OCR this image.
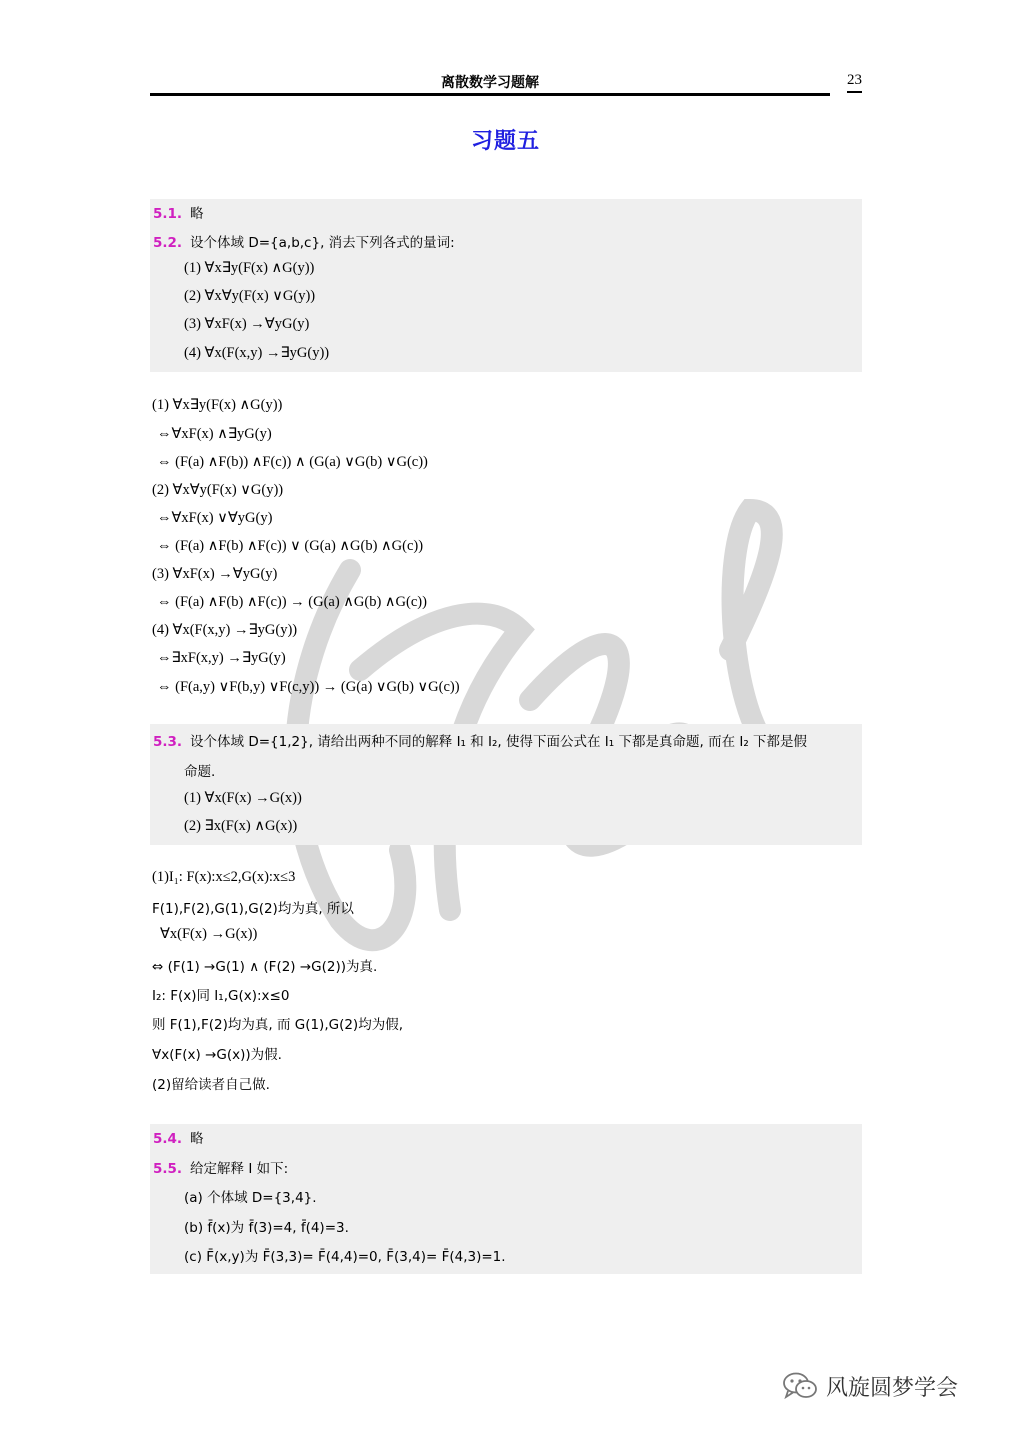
离散数学习题解	23
习题五
5.1. 略
5.2. 设个体域 D={a,b,c}, 消去下列各式的量词:
(1) ∀x∃y(F(x) ∧G(y))
(2) ∀x∀y(F(x) ∨G(y))
(3) ∀xF(x) →∀yG(y)
(4) ∀x(F(x,y) →∃yG(y))
(1) ∀x∃y(F(x) ∧G(y))
⇔∀xF(x) ∧∃yG(y)
⇔ (F(a) ∧F(b)) ∧F(c)) ∧ (G(a) ∨G(b) ∨G(c))
(2) ∀x∀y(F(x) ∨G(y))
⇔∀xF(x) ∨∀yG(y)
⇔ (F(a) ∧F(b) ∧F(c)) ∨ (G(a) ∧G(b) ∧G(c))
(3) ∀xF(x) →∀yG(y)
⇔ (F(a) ∧F(b) ∧F(c)) → (G(a) ∧G(b) ∧G(c))
(4) ∀x(F(x,y) →∃yG(y))
⇔∃xF(x,y) →∃yG(y)
⇔ (F(a,y) ∨F(b,y) ∨F(c,y)) → (G(a) ∨G(b) ∨G(c))
5.3. 设个体域 D={1,2}, 请给出两种不同的解释 I₁ 和 I₂, 使得下面公式在 I₁ 下都是真命题, 而在 I₂ 下都是假
命题.
(1) ∀x(F(x) →G(x))
(2) ∃x(F(x) ∧G(x))
(1)I₁: F(x):x≤2,G(x):x≤3
F(1),F(2),G(1),G(2)均为真, 所以
∀x(F(x) →G(x))
⇔ (F(1) →G(1) ∧ (F(2) →G(2))为真.
I₂: F(x)同 I₁,G(x):x≤0
则 F(1),F(2)均为真, 而 G(1),G(2)均为假,
∀x(F(x) →G(x))为假.
(2)留给读者自己做.
5.4. 略
5.5. 给定解释 I 如下:
(a) 个体域 D={3,4}.
(b) f̄(x)为 f̄(3)=4, f̄(4)=3.
(c) F̄(x,y)为 F̄(3,3)= F̄(4,4)=0, F̄(3,4)= F̄(4,3)=1.
风旋圆梦学会
